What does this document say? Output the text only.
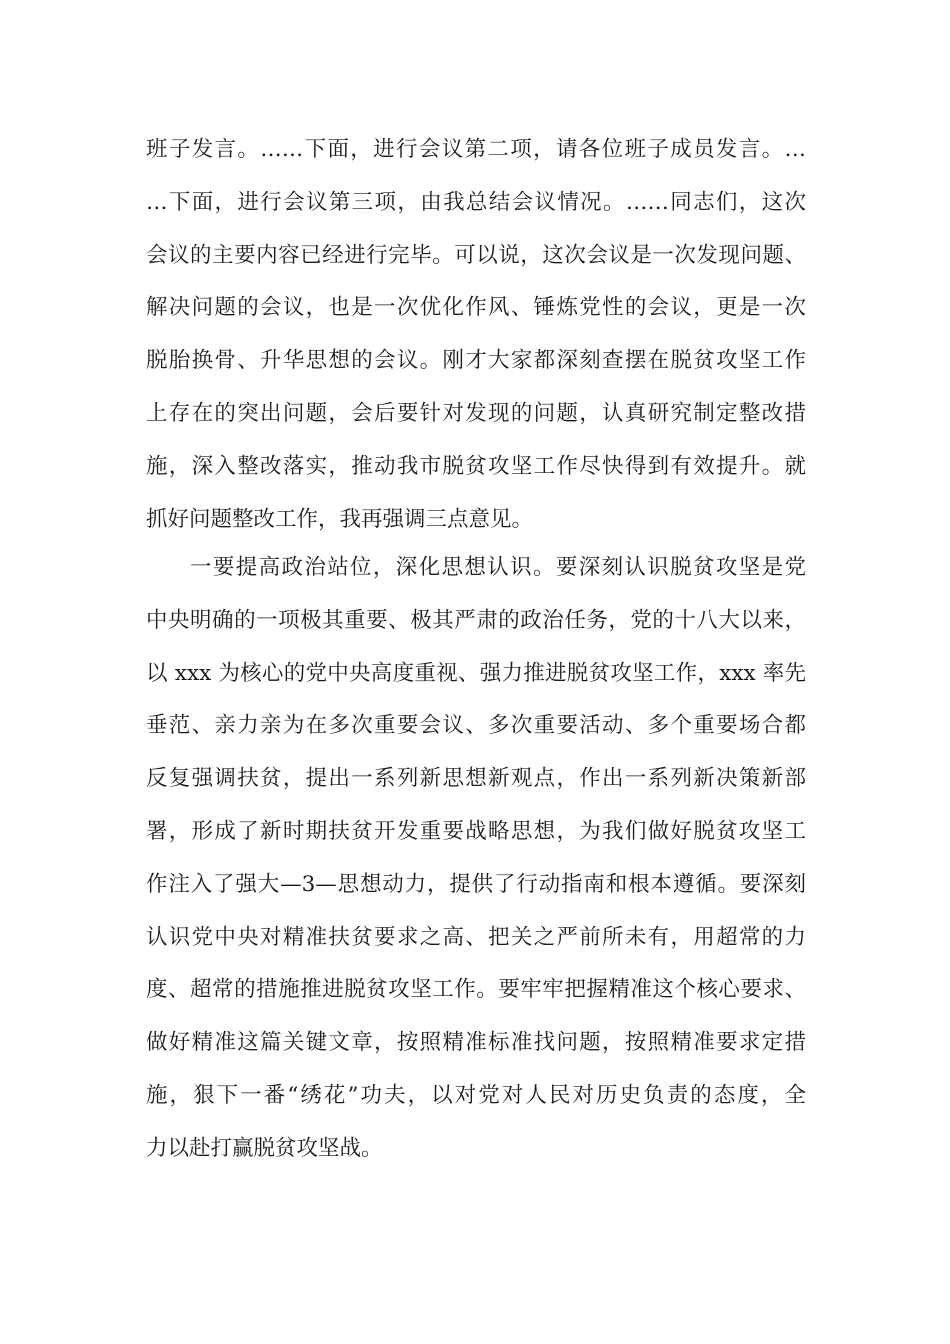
班子发言。……下面，进行会议第二项，请各位班子成员发言。…
…下面，进行会议第三项，由我总结会议情况。……同志们，这次
会议的主要内容已经进行完毕。可以说，这次会议是一次发现问题、
解决问题的会议，也是一次优化作风、锤炼党性的会议，更是一次
脱胎换骨、升华思想的会议。刚才大家都深刻查摆在脱贫攻坚工作
上存在的突出问题，会后要针对发现的问题，认真研究制定整改措
施，深入整改落实，推动我市脱贫攻坚工作尽快得到有效提升。就
抓好问题整改工作，我再强调三点意见。
一要提高政治站位，深化思想认识。要深刻认识脱贫攻坚是党
中央明确的一项极其重要、极其严肃的政治任务，党的十八大以来，
以 xxx 为核心的党中央高度重视、强力推进脱贫攻坚工作，xxx 率先
垂范、亲力亲为在多次重要会议、多次重要活动、多个重要场合都
反复强调扶贫，提出一系列新思想新观点，作出一系列新决策新部
署，形成了新时期扶贫开发重要战略思想，为我们做好脱贫攻坚工
作注入了强大—3—思想动力，提供了行动指南和根本遵循。要深刻
认识党中央对精准扶贫要求之高、把关之严前所未有，用超常的力
度、超常的措施推进脱贫攻坚工作。要牢牢把握精准这个核心要求、
做好精准这篇关键文章，按照精准标准找问题，按照精准要求定措
施，狠下一番“绣花”功夫，以对党对人民对历史负责的态度，全
力以赴打赢脱贫攻坚战。
